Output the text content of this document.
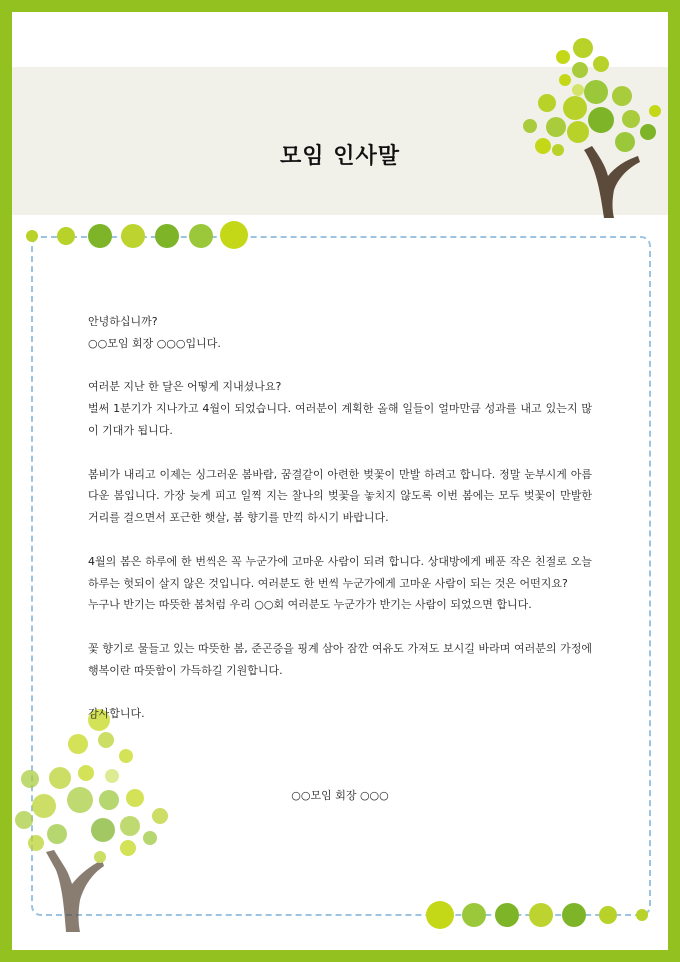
모임 인사말

안녕하십니까?
○○모임 회장 ○○○입니다.

여러분 지난 한 달은 어떻게 지내셨나요?
벌써 1분기가 지나가고 4월이 되었습니다. 여러분이 계획한 올해 일들이 얼마만큼 성과를 내고 있는지 많이 기대가 됩니다.

봄비가 내리고 이제는 싱그러운 봄바람, 꿈결같이 아련한 벚꽃이 만발 하려고 합니다. 정말 눈부시게 아름다운 봄입니다. 가장 늦게 피고 일찍 지는 찰나의 벚꽃을 놓치지 않도록 이번 봄에는 모두 벚꽃이 만발한 거리를 걸으면서 포근한 햇살, 봄 향기를 만끽 하시기 바랍니다.

4월의 봄은 하루에 한 번씩은 꼭 누군가에 고마운 사람이 되려 합니다. 상대방에게 베푼 작은 친절로 오늘 하루는 헛되이 살지 않은 것입니다. 여러분도 한 번씩 누군가에게 고마운 사람이 되는 것은 어떤지요?
누구나 반기는 따뜻한 봄처럼 우리 ○○회 여러분도 누군가가 반기는 사람이 되었으면 합니다.

꽃 향기로 물들고 있는 따뜻한 봄, 준곤증을 핑계 삼아 잠깐 여유도 가져도 보시길 바라며 여러분의 가정에 행복이란 따뜻함이 가득하길 기원합니다.

감사합니다.

○○모임 회장 ○○○
